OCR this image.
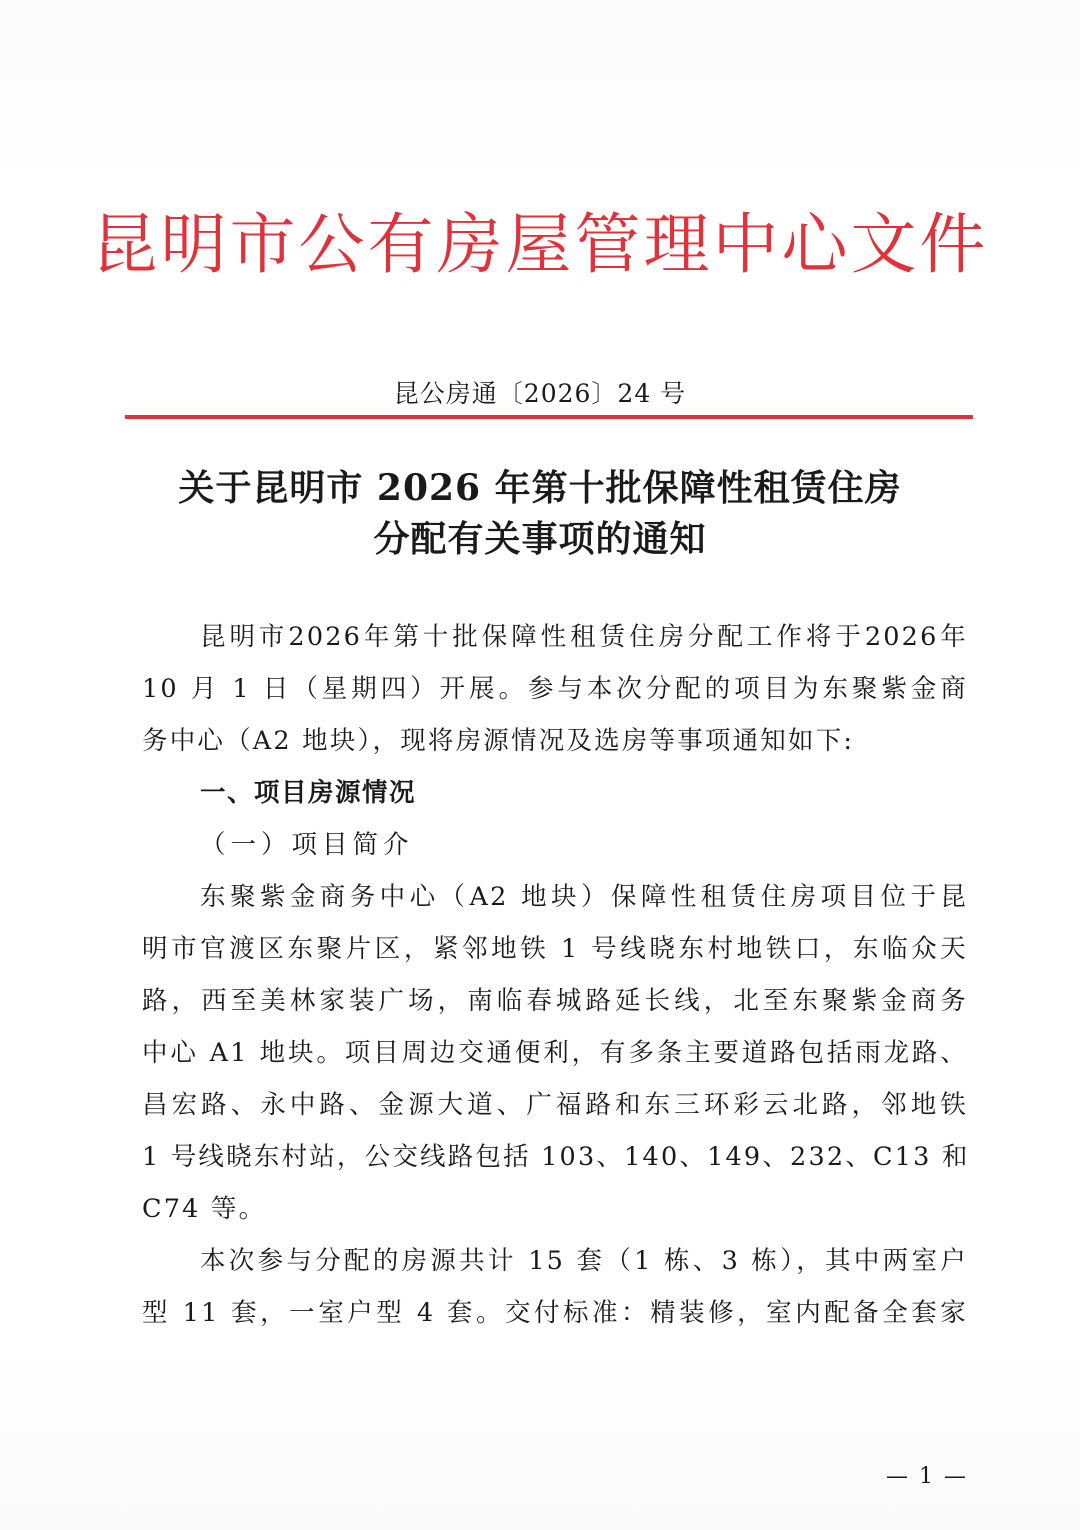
昆明市公有房屋管理中心文件
昆公房通〔2026〕24 号
关于昆明市 2026 年第十批保障性租赁住房
分配有关事项的通知
昆明市2026年第十批保障性租赁住房分配工作将于2026年
10 月 1 日（星期四）开展。参与本次分配的项目为东聚紫金商
务中心（A2 地块），现将房源情况及选房等事项通知如下:
一、项目房源情况
（一）项目简介
东聚紫金商务中心（A2 地块）保障性租赁住房项目位于昆
明市官渡区东聚片区，紧邻地铁 1 号线晓东村地铁口，东临众天
路，西至美林家装广场，南临春城路延长线，北至东聚紫金商务
中心 A1 地块。项目周边交通便利，有多条主要道路包括雨龙路、
昌宏路、永中路、金源大道、广福路和东三环彩云北路，邻地铁
1 号线晓东村站，公交线路包括 103、140、149、232、C13 和
C74 等。
本次参与分配的房源共计 15 套（1 栋、3 栋），其中两室户
型 11 套，一室户型 4 套。交付标准：精装修，室内配备全套家
— 1 —
